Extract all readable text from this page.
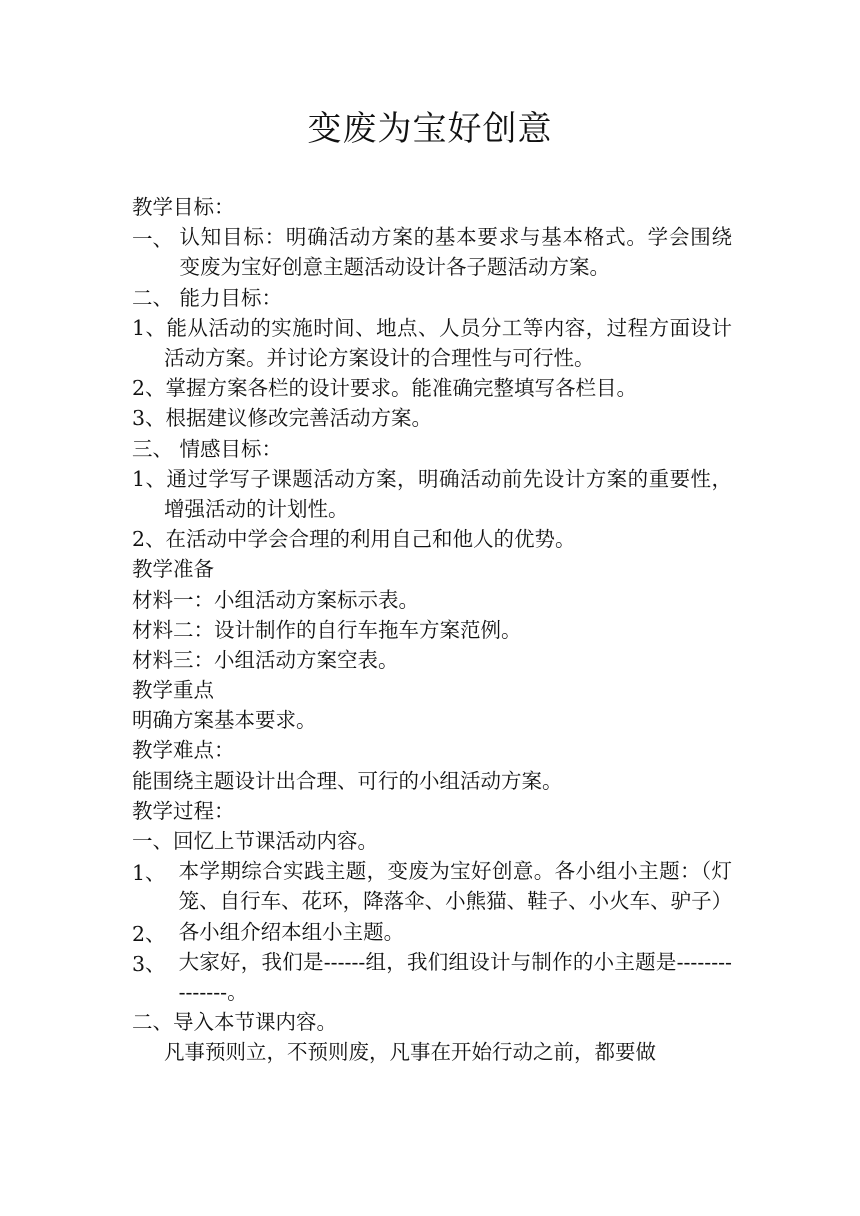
变废为宝好创意
教学目标：
一、 认知目标：明确活动方案的基本要求与基本格式。学会围绕变废为宝好创意主题活动设计各子题活动方案。
二、 能力目标：
1、能从活动的实施时间、地点、人员分工等内容，过程方面设计活动方案。并讨论方案设计的合理性与可行性。
2、掌握方案各栏的设计要求。能准确完整填写各栏目。
3、根据建议修改完善活动方案。
三、 情感目标：
1、通过学写子课题活动方案，明确活动前先设计方案的重要性，增强活动的计划性。
2、在活动中学会合理的利用自己和他人的优势。
教学准备
材料一：小组活动方案标示表。
材料二：设计制作的自行车拖车方案范例。
材料三：小组活动方案空表。
教学重点
明确方案基本要求。
教学难点：
能围绕主题设计出合理、可行的小组活动方案。
教学过程：
一、回忆上节课活动内容。
1、 本学期综合实践主题，变废为宝好创意。各小组小主题：（灯笼、自行车、花环，降落伞、小熊猫、鞋子、小火车、驴子）
2、 各小组介绍本组小主题。
3、 大家好，我们是------组，我们组设计与制作的小主题是---------------。
二、导入本节课内容。
凡事预则立，不预则废，凡事在开始行动之前，都要做
